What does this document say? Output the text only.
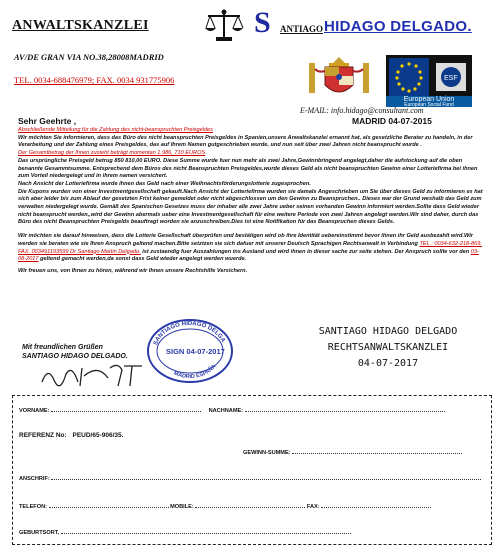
ANWALTSKANZLEI	S ANTIAGO HIDAGO DELGADO.
AV/DE GRAN VIA NO.38,28008MADRID
TEL. 0034-688476979; FAX. 0034 931775906	ESF
European Union
European Social Fund
E-MAIL: info.hidago@consultant.com
Sehr Geehrte ,	MADRID 04-07-2015

Abschließende Mitteilung für die Zahlung des nicht-beanspruchten Preisgeldes

Wir möchten Sie informieren, dass das Büro des nicht beanspruchten Preisgeldes in Spanien,unsere Anwaltskanzlei ernannt hat, als gesetzliche Berater zu handeln, in der Verarbeitung und der Zahlung eines Preisgeldes, das auf Ihrem Namen gutgeschrieben wurde, und nun seit über zwei Jahren nicht beansprucht wurde .

Der Gesamtbetrag der Ihnen zusteht beträgt momentan 1.986, 710 EUROS

Das ursprüngliche Preisgeld betrug 850 810,00 EURO. Diese Summe wurde fuer nun mehr als zwei Jahre,Gewinnbringend angelegt,daher die aufstockung auf die oben benannte Gesammtsumme. Entsprechend dem Büros des nicht Beanspruchten Preisgeldes,wurde dieses Geld als nicht beanspruchten Gewinn einer Lotteriefirma bei ihnen zum Vorteil niedergelegt und in ihrem namen versichert.

Nach Ansicht der Lotteriefirma wurde ihnen das Geld nach einer Weihnachtsförderungslotterie zugesprochen.

Die Kupons wurden von einer Investmentgesellschaft gekauft.Nach Ansicht der Lotteriefirma wurden sie damals Angeschrieben um Sie über dieses Geld zu informieren es hat sich aber leider bis zum Ablauf der gesetzten Frist keiner gemeldet oder nicht abgeschlossen um den Gewinn zu Beanspruchen.. Dieses war der Grund weshalb das Geld zum verwalten niedergelegt wurde. Gemäß des Spanischen Gesetzes muss der inhaber alle zwei Jahre ueber seinen vorhanden Gewinn informiert werden.Sollte dass Geld wieder nicht beansprucht werden,,wird der Gewinn abermals ueber eine Investmentgesellschaft für eine weitere Periode von zwei Jahren angelegt werden.Wir sind daher, durch das Büro des nicht Beanspruchten Preisgelds beauftragt worden sie anzuschreiben.Dies ist eine Notifikation für das Beanspruchen dieses Gelds.

Wir möchten sie darauf hinweisen, dass die Lotterie Gesellschaft überprüfen und bestätigen wird ob ihre Identität uebereinstimmt bevor ihnen ihr Geld ausbezahlt wird.Wir werden sie beraten wie sie Ihren Anspruch geltend machen.Bitte setztzen sie sich dafuer mit unserer Deutsch Sprachigen Rechtsanwalt in Verbindung TEL : 0034-632-218-869. FAX. 003491193599 Dr Santiago Martin Delgado. ist zustaendig fuer Auszahlungen ins Ausland und wird ihnen in dieser sache zur seite stehen. Der Anspruch sollte vor den 03-08-2017 geltend gemacht werden,da sonst dass Geld wieder angelegt werden wuerde.

Wir freuen uns, von Ihnen zu hören, während wir Ihnen unsere Rechtshilfe Versichern.

Mit freundlichen Grüßen
SANTIAGO HIDAGO DELGADO.
SANTIAGO HIDAGO DELGA
SIGN 04-07-2017
MADRID ESPAÑA
SANTIAGO HIDAGO DELGADO
RECHTSANWALTSKANZLEI
04-07-2017
VORNAME:	NACHNAME:
REFERENZ No: PEUD/65-906/35.
GEWINN-SUMME:
ANSCHRIF:
TELEFON:	MOBILE:	FAX:
GEBURTSORT,
